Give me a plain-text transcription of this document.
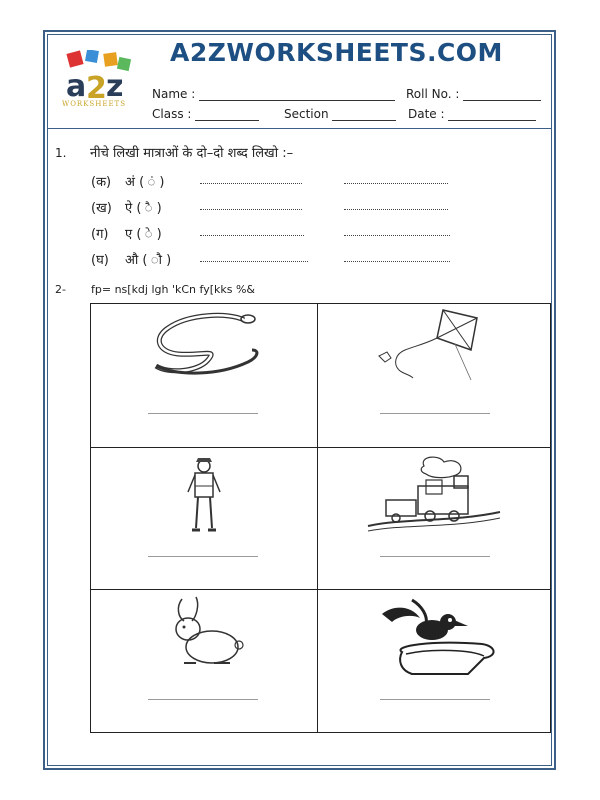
a 2 z
WORKSHEETS
A2ZWORKSHEETS.COM
Name :	Roll No. :
Class :	Section	Date :
1. नीचे लिखी मात्राओं के दो–दो शब्द लिखो :–
(क) अं ( ं )
(ख) ऐ ( ै )
(ग) ए ( े )
(घ) औ ( ौ )
2- fp= ns[kdj lgh 'kCn fy[kks %&
